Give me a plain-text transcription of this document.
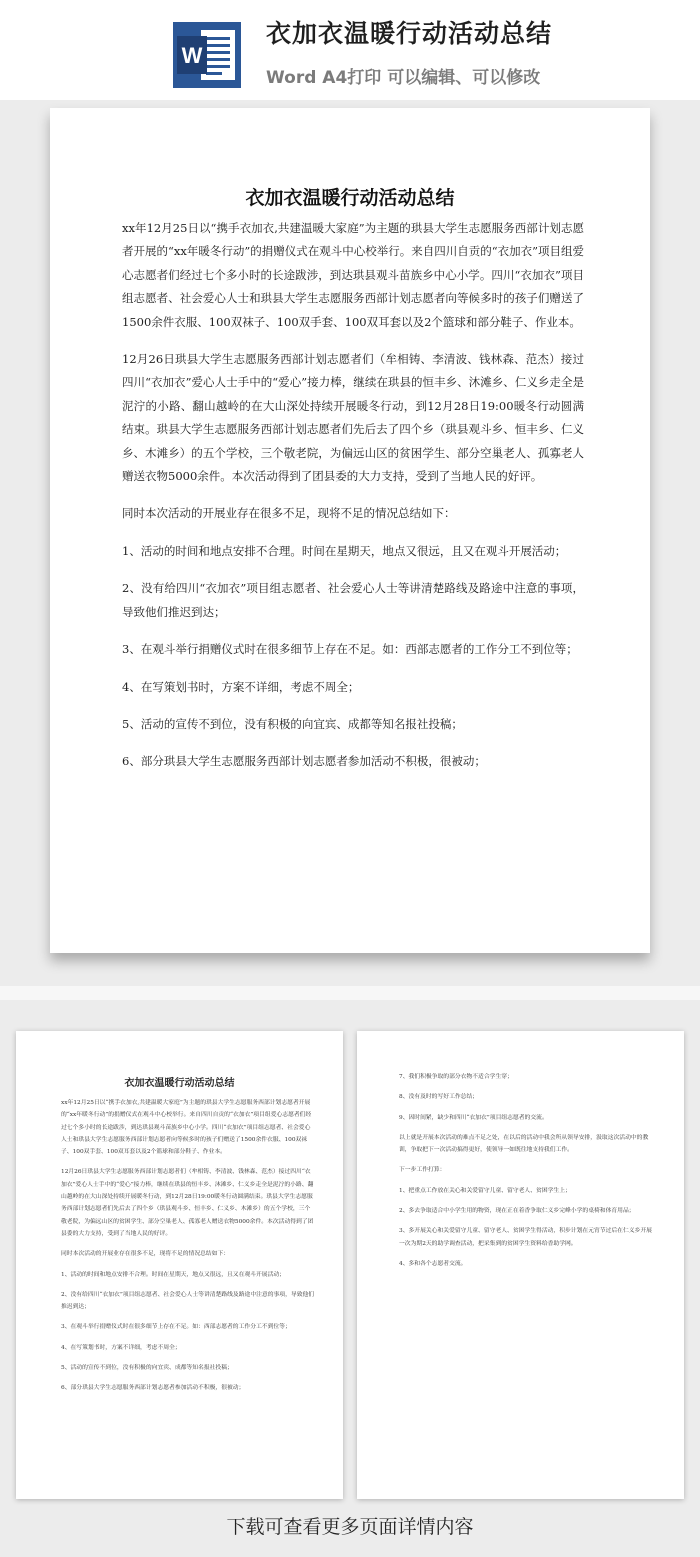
W
衣加衣温暖行动活动总结
Word A4打印 可以编辑、可以修改
衣加衣温暖行动活动总结

xx年12月25日以“携手衣加衣,共建温暖大家庭”为主题的珙县大学生志愿服务西部计划志愿者开展的“xx年暖冬行动”的捐赠仪式在观斗中心校举行。来自四川自贡的“衣加衣”项目组爱心志愿者们经过七个多小时的长途跋涉，到达珙县观斗苗族乡中心小学。四川“衣加衣”项目组志愿者、社会爱心人士和珙县大学生志愿服务西部计划志愿者向等候多时的孩子们赠送了1500余件衣服、100双袜子、100双手套、100双耳套以及2个篮球和部分鞋子、作业本。

12月26日珙县大学生志愿服务西部计划志愿者们（牟相铸、李清波、钱林森、范杰）接过四川“衣加衣”爱心人士手中的“爱心”接力棒，继续在珙县的恒丰乡、沐滩乡、仁义乡走全是泥泞的小路、翻山越岭的在大山深处持续开展暖冬行动，到12月28日19:00暖冬行动圆满结束。珙县大学生志愿服务西部计划志愿者们先后去了四个乡（珙县观斗乡、恒丰乡、仁义乡、木滩乡）的五个学校，三个敬老院，为偏远山区的贫困学生、部分空巢老人、孤寡老人赠送衣物5000余件。本次活动得到了团县委的大力支持，受到了当地人民的好评。

同时本次活动的开展业存在很多不足，现将不足的情况总结如下：

1、活动的时间和地点安排不合理。时间在星期天，地点又很远，且又在观斗开展活动；

2、没有给四川“衣加衣”项目组志愿者、社会爱心人士等讲清楚路线及路途中注意的事项，导致他们推迟到达；

3、在观斗举行捐赠仪式时在很多细节上存在不足。如：西部志愿者的工作分工不到位等；

4、在写策划书时，方案不详细，考虑不周全；

5、活动的宣传不到位，没有积极的向宜宾、成都等知名报社投稿；

6、部分珙县大学生志愿服务西部计划志愿者参加活动不积极，很被动；

衣加衣温暖行动活动总结

xx年12月25日以“携手衣加衣,共建温暖大家庭”为主题的珙县大学生志愿服务西部计划志愿者开展的“xx年暖冬行动”的捐赠仪式在观斗中心校举行。来自四川自贡的“衣加衣”项目组爱心志愿者们经过七个多小时的长途跋涉，到达珙县观斗苗族乡中心小学。四川“衣加衣”项目组志愿者、社会爱心人士和珙县大学生志愿服务西部计划志愿者向等候多时的孩子们赠送了1500余件衣服、100双袜子、100双手套、100双耳套以及2个篮球和部分鞋子、作业本。

12月26日珙县大学生志愿服务西部计划志愿者们（牟相铸、李清波、钱林森、范杰）接过四川“衣加衣”爱心人士手中的“爱心”接力棒，继续在珙县的恒丰乡、沐滩乡、仁义乡走全是泥泞的小路、翻山越岭的在大山深处持续开展暖冬行动，到12月28日19:00暖冬行动圆满结束。珙县大学生志愿服务西部计划志愿者们先后去了四个乡（珙县观斗乡、恒丰乡、仁义乡、木滩乡）的五个学校，三个敬老院，为偏远山区的贫困学生、部分空巢老人、孤寡老人赠送衣物5000余件。本次活动得到了团县委的大力支持，受到了当地人民的好评。

同时本次活动的开展业存在很多不足，现将不足的情况总结如下：

1、活动的时间和地点安排不合理。时间在星期天，地点又很远，且又在观斗开展活动；

2、没有给四川“衣加衣”项目组志愿者、社会爱心人士等讲清楚路线及路途中注意的事项，导致他们推迟到达；

3、在观斗举行捐赠仪式时在很多细节上存在不足。如：西部志愿者的工作分工不到位等；

4、在写策划书时，方案不详细，考虑不周全；

5、活动的宣传不到位，没有积极的向宜宾、成都等知名报社投稿；

6、部分珙县大学生志愿服务西部计划志愿者参加活动不积极，很被动；

7、我们积极争取的部分衣物不适合学生穿；

8、没有及时的写好工作总结；

9、因时间紧，缺少和四川“衣加衣”项目组志愿者的交流。

以上就是开展本次活动的难点不足之处，在以后的活动中我会所从领导安排，汲取这次活动中的教训，争取把下一次活动搞得更好，使领导一如既往地支持我们工作。

下一步工作打算：

1、把重点工作放在关心和关爱留守儿童、留守老人、贫困学生上；

2、多去争取适合中小学生用的物资，现在正在着香争取仁义乡完峰小学的桌椅和体育用品；

3、多开展关心和关爱留守儿童、留守老人、贫困学生得活动，积步计划在元宵节过后在仁义乡开展一次为期2天的助学调查活动，把采集到的贫困学生资料给香助学网。

4、多和各个志愿者交流。

下载可查看更多页面详情内容
